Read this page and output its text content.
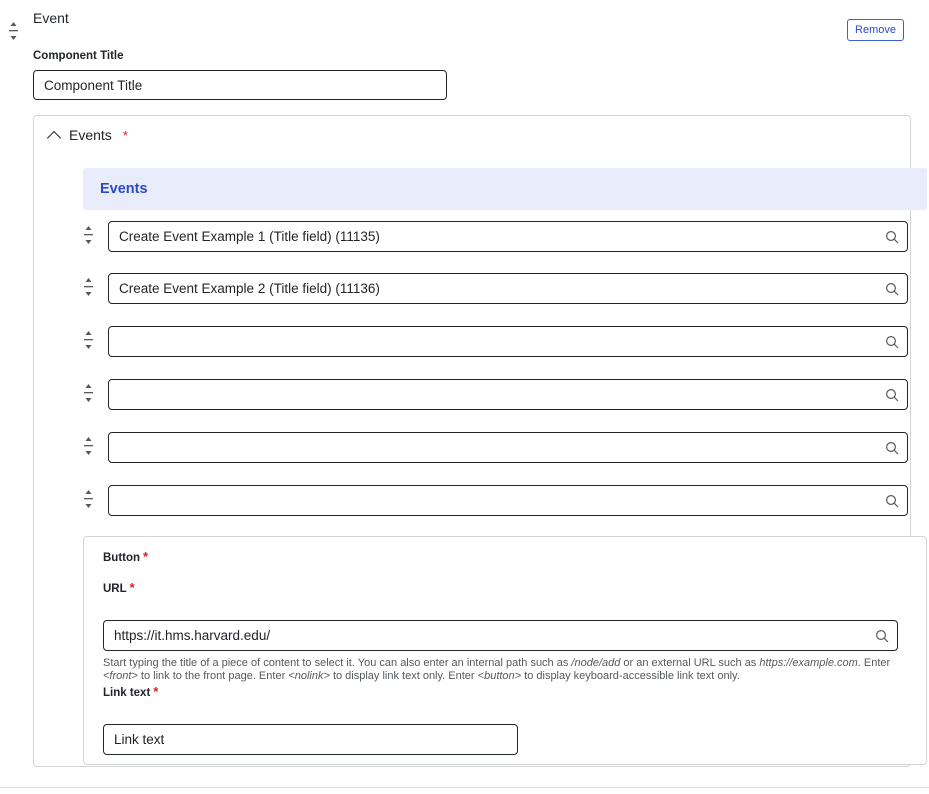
Event
Remove
Component Title
Component Title
Events *
Events
Create Event Example 1 (Title field) (11135)
Create Event Example 2 (Title field) (11136)
Button *
URL *
https://it.hms.harvard.edu/
Start typing the title of a piece of content to select it. You can also enter an internal path such as /node/add or an external URL such as https://example.com. Enter <front> to link to the front page. Enter <nolink> to display link text only. Enter <button> to display keyboard-accessible link text only.
Link text *
Link text
